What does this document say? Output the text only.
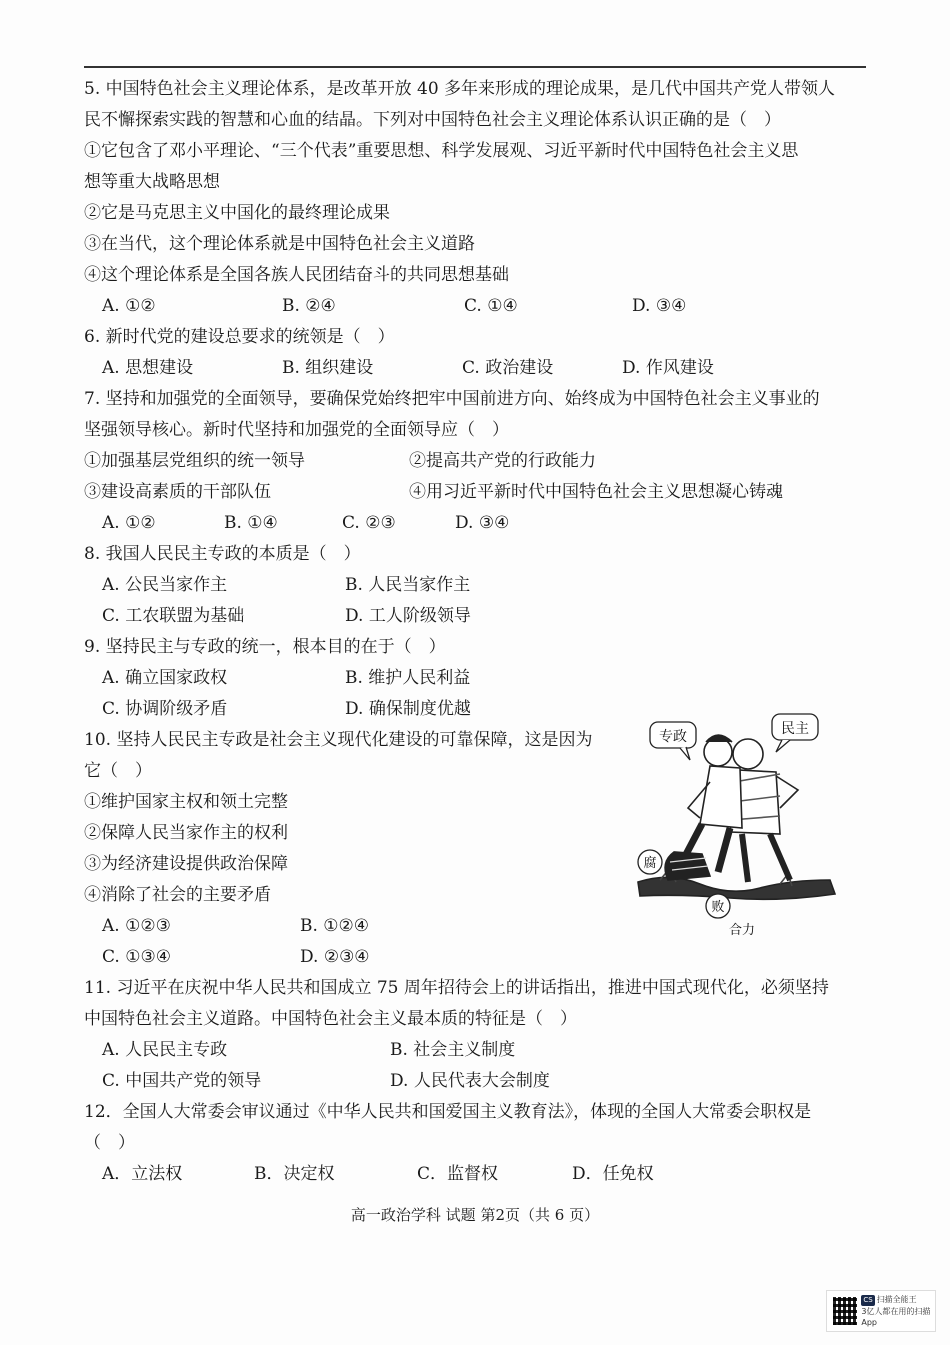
5. 中国特色社会主义理论体系，是改革开放 40 多年来形成的理论成果，是几代中国共产党人带领人
民不懈探索实践的智慧和心血的结晶。下列对中国特色社会主义理论体系认识正确的是（　）
①它包含了邓小平理论、“三个代表”重要思想、科学发展观、习近平新时代中国特色社会主义思
想等重大战略思想
②它是马克思主义中国化的最终理论成果
③在当代，这个理论体系就是中国特色社会主义道路
④这个理论体系是全国各族人民团结奋斗的共同思想基础
A. ①②	B. ②④	C. ①④	D. ③④
6. 新时代党的建设总要求的统领是（　）
A. 思想建设	B. 组织建设	C. 政治建设	D. 作风建设
7. 坚持和加强党的全面领导，要确保党始终把牢中国前进方向、始终成为中国特色社会主义事业的
坚强领导核心。新时代坚持和加强党的全面领导应（　）
①加强基层党组织的统一领导	②提高共产党的行政能力
③建设高素质的干部队伍	④用习近平新时代中国特色社会主义思想凝心铸魂
A. ①②	B. ①④	C. ②③	D. ③④
8. 我国人民民主专政的本质是（　）
A. 公民当家作主	B. 人民当家作主
C. 工农联盟为基础	D. 工人阶级领导
9. 坚持民主与专政的统一，根本目的在于（　）
A. 确立国家政权	B. 维护人民利益
C. 协调阶级矛盾	D. 确保制度优越
10. 坚持人民民主专政是社会主义现代化建设的可靠保障，这是因为
它（　）
①维护国家主权和领土完整
②保障人民当家作主的权利
③为经济建设提供政治保障
④消除了社会的主要矛盾
A. ①②③	B. ①②④
C. ①③④	D. ②③④
11. 习近平在庆祝中华人民共和国成立 75 周年招待会上的讲话指出，推进中国式现代化，必须坚持
中国特色社会主义道路。中国特色社会主义最本质的特征是（　）
A. 人民民主专政	B. 社会主义制度
C. 中国共产党的领导	D. 人民代表大会制度
12．全国人大常委会审议通过《中华人民共和国爱国主义教育法》，体现的全国人大常委会职权是
（　）
A．立法权	B．决定权	C．监督权	D．任免权
专政	民主
腐
败
合力
高一政治学科 试题 第2页（共 6 页）
CS 扫描全能王
3亿人都在用的扫描App
